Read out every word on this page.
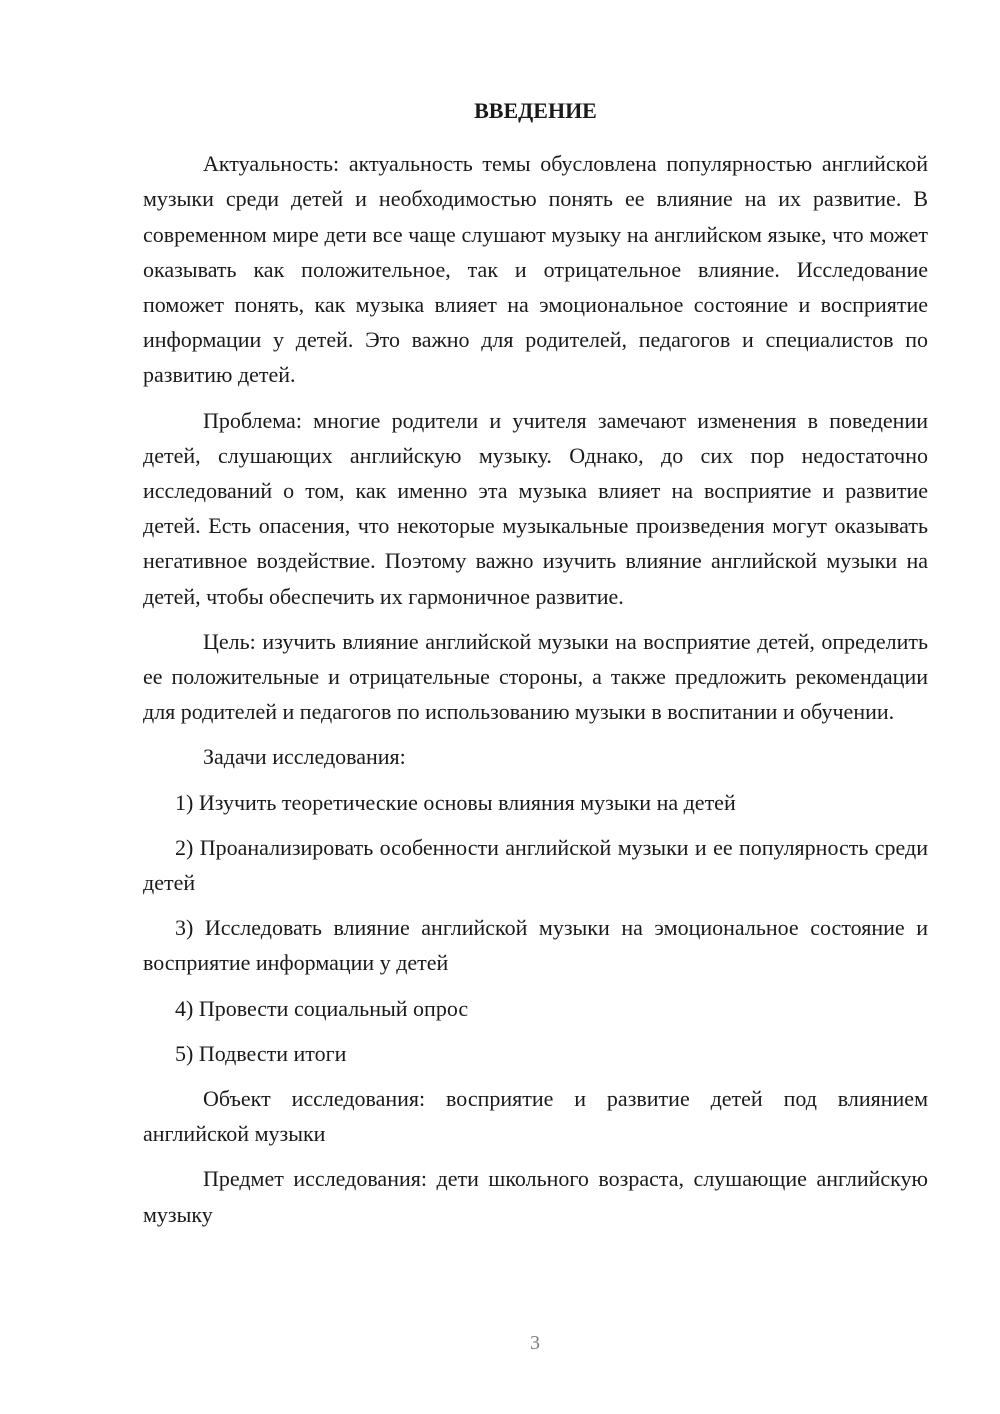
ВВЕДЕНИЕ

Актуальность: актуальность темы обусловлена популярностью английской музыки среди детей и необходимостью понять ее влияние на их развитие. В современном мире дети все чаще слушают музыку на английском языке, что может оказывать как положительное, так и отрицательное влияние. Исследование поможет понять, как музыка влияет на эмоциональное состояние и восприятие информации у детей. Это важно для родителей, педагогов и специалистов по развитию детей.

Проблема: многие родители и учителя замечают изменения в поведении детей, слушающих английскую музыку. Однако, до сих пор недостаточно исследований о том, как именно эта музыка влияет на восприятие и развитие детей. Есть опасения, что некоторые музыкальные произведения могут оказывать негативное воздействие. Поэтому важно изучить влияние английской музыки на детей, чтобы обеспечить их гармоничное развитие.

Цель: изучить влияние английской музыки на восприятие детей, определить ее положительные и отрицательные стороны, а также предложить рекомендации для родителей и педагогов по использованию музыки в воспитании и обучении.

Задачи исследования:

1) Изучить теоретические основы влияния музыки на детей

2) Проанализировать особенности английской музыки и ее популярность среди детей

3) Исследовать влияние английской музыки на эмоциональное состояние и восприятие информации у детей

4) Провести социальный опрос

5) Подвести итоги

Объект исследования: восприятие и развитие детей под влиянием английской музыки

Предмет исследования: дети школьного возраста, слушающие английскую музыку

3
